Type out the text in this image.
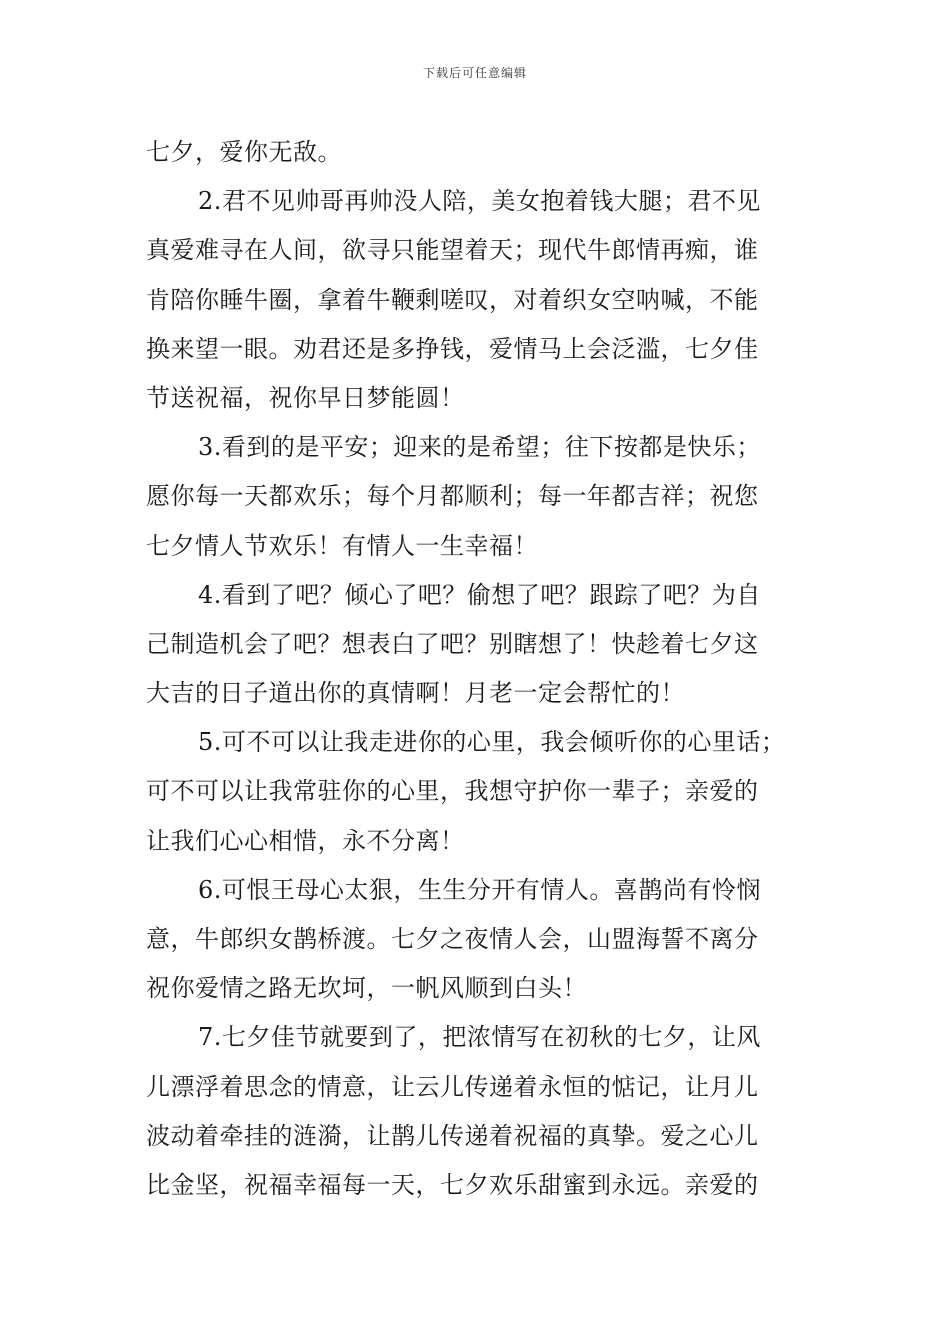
下载后可任意编辑
七夕，爱你无敌。
2.君不见帅哥再帅没人陪，美女抱着钱大腿；君不见
真爱难寻在人间，欲寻只能望着天；现代牛郎情再痴，谁
肯陪你睡牛圈，拿着牛鞭剩嗟叹，对着织女空呐喊，不能
换来望一眼。劝君还是多挣钱，爱情马上会泛滥，七夕佳
节送祝福，祝你早日梦能圆！
3.看到的是平安；迎来的是希望；往下按都是快乐；
愿你每一天都欢乐；每个月都顺利；每一年都吉祥；祝您
七夕情人节欢乐！有情人一生幸福！
4.看到了吧？倾心了吧？偷想了吧？跟踪了吧？为自
己制造机会了吧？想表白了吧？别瞎想了！快趁着七夕这
大吉的日子道出你的真情啊！月老一定会帮忙的！
5.可不可以让我走进你的心里，我会倾听你的心里话；
可不可以让我常驻你的心里，我想守护你一辈子；亲爱的
让我们心心相惜，永不分离！
6.可恨王母心太狠，生生分开有情人。喜鹊尚有怜悯
意，牛郎织女鹊桥渡。七夕之夜情人会，山盟海誓不离分
祝你爱情之路无坎坷，一帆风顺到白头！
7.七夕佳节就要到了，把浓情写在初秋的七夕，让风
儿漂浮着思念的情意，让云儿传递着永恒的惦记，让月儿
波动着牵挂的涟漪，让鹊儿传递着祝福的真挚。爱之心儿
比金坚，祝福幸福每一天，七夕欢乐甜蜜到永远。亲爱的
